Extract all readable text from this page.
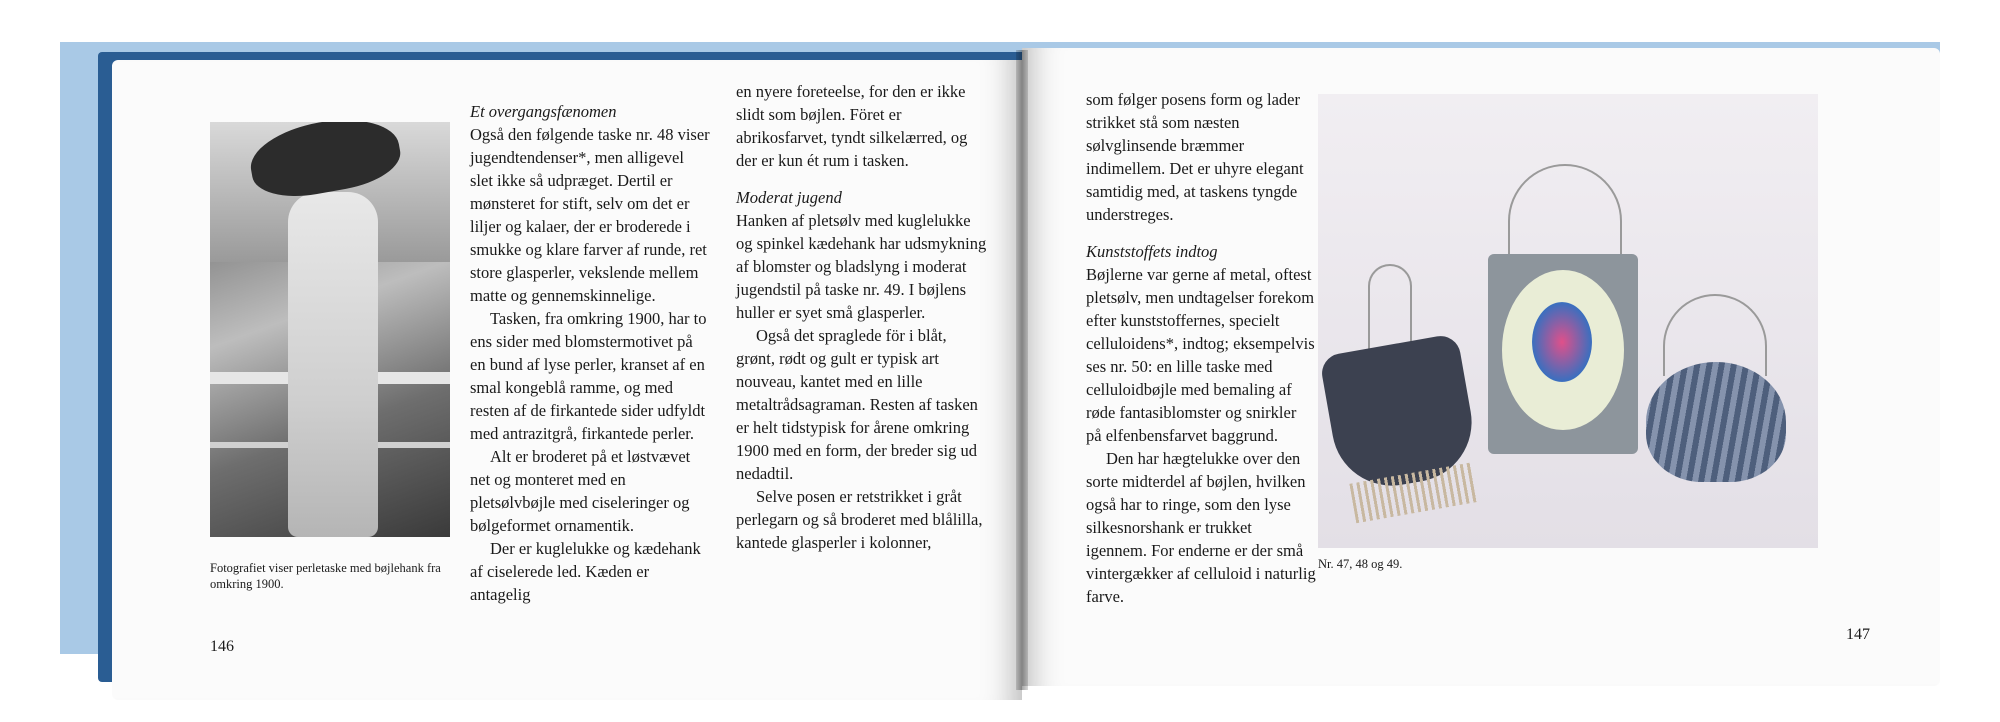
Fotografiet viser perletaske med bøjlehank fra omkring 1900.

Et overgangsfænomen

Også den følgende taske nr. 48 viser jugendtendenser*, men alligevel slet ikke så udpræget. Dertil er mønsteret for stift, selv om det er liljer og kalaer, der er broderede i smukke og klare farver af runde, ret store glasperler, vekslende mellem matte og gennemskinnelige.

Tasken, fra omkring 1900, har to ens sider med blomstermotivet på en bund af lyse perler, kranset af en smal kongeblå ramme, og med resten af de firkantede sider udfyldt med antrazitgrå, firkantede perler.

Alt er broderet på et løstvævet net og monteret med en pletsølvbøjle med ciseleringer og bølgeformet ornamentik.

Der er kuglelukke og kædehank af ciselerede led. Kæden er antagelig

en nyere foreteelse, for den er ikke slidt som bøjlen. Föret er abrikosfarvet, tyndt silkelærred, og der er kun ét rum i tasken.

Moderat jugend

Hanken af pletsølv med kuglelukke og spinkel kædehank har udsmykning af blomster og bladslyng i moderat jugendstil på taske nr. 49. I bøjlens huller er syet små glasperler.

Også det spraglede för i blåt, grønt, rødt og gult er typisk art nouveau, kantet med en lille metaltrådsagraman. Resten af tasken er helt tidstypisk for årene omkring 1900 med en form, der breder sig ud nedadtil.

Selve posen er retstrikket i gråt perlegarn og så broderet med blålilla, kantede glasperler i kolonner,

146

som følger posens form og lader strikket stå som næsten sølvglinsende bræmmer indimellem. Det er uhyre elegant samtidig med, at taskens tyngde understreges.

Kunststoffets indtog

Bøjlerne var gerne af metal, oftest pletsølv, men undtagelser forekom efter kunststoffernes, specielt celluloidens*, indtog; eksempelvis ses nr. 50: en lille taske med celluloidbøjle med bemaling af røde fantasiblomster og snirkler på elfenbensfarvet baggrund.

Den har hægtelukke over den sorte midterdel af bøjlen, hvilken også har to ringe, som den lyse silkesnorshank er trukket igennem. For enderne er der små vintergækker af celluloid i naturlig farve.

Nr. 47, 48 og 49.
147
